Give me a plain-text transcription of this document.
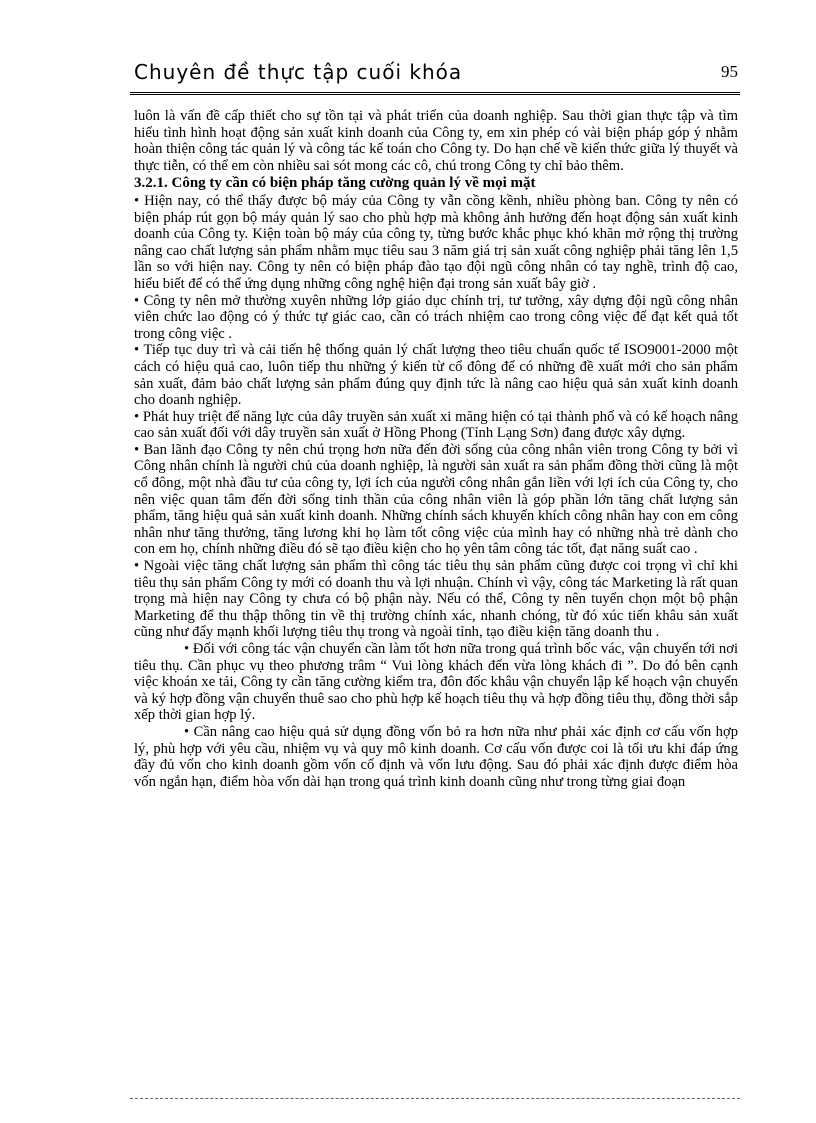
Chuyên đề thực tập cuối khóa	95

luôn là vấn đề cấp thiết cho sự tồn tại và phát triển của doanh nghiệp. Sau thời gian thực tập và tìm hiểu tình hình hoạt động sản xuất kinh doanh của Công ty, em xin phép có vài biện pháp góp ý nhằm hoàn thiện công tác quản lý và công tác kế toán cho Công ty. Do hạn chế về kiến thức giữa lý thuyết và thực tiễn, có thể em còn nhiều sai sót mong các cô, chú trong Công ty chỉ bảo thêm.

3.2.1. Công ty cần có biện pháp tăng cường quản lý về mọi mặt

• Hiện nay, có thể thấy được bộ máy của Công ty vẫn cồng kềnh, nhiều phòng ban. Công ty nên có biện pháp rút gọn bộ máy quản lý sao cho phù hợp mà không ảnh hưởng đến hoạt động sản xuất kinh doanh của Công ty. Kiện toàn bộ máy của công ty, từng bước khắc phục khó khăn mở rộng thị trường nâng cao chất lượng sản phẩm nhằm mục tiêu sau 3 năm giá trị sản xuất công nghiệp phải tăng lên 1,5 lần so với hiện nay. Công ty nên có biện pháp đào tạo đội ngũ công nhân có tay nghề, trình độ cao, hiểu biết để có thể ứng dụng những công nghệ hiện đại trong sản xuất bây giờ .

• Công ty nên mở thường xuyên những lớp giáo dục chính trị, tư tưởng, xây dựng đội ngũ công nhân viên chức lao động có ý thức tự giác cao, cần có trách nhiệm cao trong công việc để đạt kết quả tốt trong công việc .

• Tiếp tục duy trì và cải tiến hệ thống quản lý chất lượng theo tiêu chuẩn quốc tế ISO9001-2000 một cách có hiệu quả cao, luôn tiếp thu những ý kiến từ cổ đông để có những đề xuất mới cho sản phẩm sản xuất, đảm bảo chất lượng sản phẩm đúng quy định tức là nâng cao hiệu quả sản xuất kinh doanh cho doanh nghiệp.

• Phát huy triệt để năng lực của dây truyền sản xuất xi măng hiện có tại thành phố và có kế hoạch nâng cao sản xuất đối với dây truyền sản xuất ở Hồng Phong (Tỉnh Lạng Sơn) đang được xây dựng.

• Ban lãnh đạo Công ty nên chú trọng hơn nữa đến đời sống của công nhân viên trong Công ty bởi vì Công nhân chính là người chủ của doanh nghiệp, là người sản xuất ra sản phẩm đồng thời cũng là một cổ đông, một nhà đầu tư của công ty, lợi ích của người công nhân gắn liền với lợi ích của Công ty, cho nên việc quan tâm đến đời sống tinh thần của công nhân viên là góp phần lớn tăng chất lượng sản phẩm, tăng hiệu quả sản xuất kinh doanh. Những chính sách khuyến khích công nhân hay con em công nhân như tăng thưởng, tăng lương khi họ làm tốt công việc của mình hay có những nhà trẻ dành cho con em họ, chính những điều đó sẽ tạo điều kiện cho họ yên tâm công tác tốt, đạt năng suất cao .

• Ngoài việc tăng chất lượng sản phẩm thì công tác tiêu thụ sản phẩm cũng được coi trọng vì chỉ khi tiêu thụ sản phẩm Công ty mới có doanh thu và lợi nhuận. Chính vì vậy, công tác Marketing là rất quan trọng mà hiện nay Công ty chưa có bộ phận này. Nếu có thể, Công ty nên tuyển chọn một bộ phận Marketing để thu thập thông tin về thị trường chính xác, nhanh chóng, từ đó xúc tiến khâu sản xuất cũng như đẩy mạnh khối lượng tiêu thụ trong và ngoài tỉnh, tạo điều kiện tăng doanh thu .

• Đối với công tác vận chuyển cần làm tốt hơn nữa trong quá trình bốc vác, vận chuyển tới nơi tiêu thụ. Cần phục vụ theo phương trâm “ Vui lòng khách đến vừa lòng khách đi ”. Do đó bên cạnh việc khoán xe tải, Công ty cần tăng cường kiểm tra, đôn đốc khâu vận chuyển lập kế hoạch vận chuyển và ký hợp đồng vận chuyển thuê sao cho phù hợp kế hoạch tiêu thụ và hợp đồng tiêu thụ, đồng thời sắp xếp thời gian hợp lý.

• Cần nâng cao hiệu quả sử dụng đồng vốn bỏ ra hơn nữa như phải xác định cơ cấu vốn hợp lý, phù hợp với yêu cầu, nhiệm vụ và quy mô kinh doanh. Cơ cấu vốn được coi là tối ưu khi đáp ứng đầy đủ vốn cho kinh doanh gồm vốn cố định và vốn lưu động. Sau đó phải xác định được điểm hòa vốn ngắn hạn, điểm hòa vốn dài hạn trong quá trình kinh doanh cũng như trong từng giai đoạn
